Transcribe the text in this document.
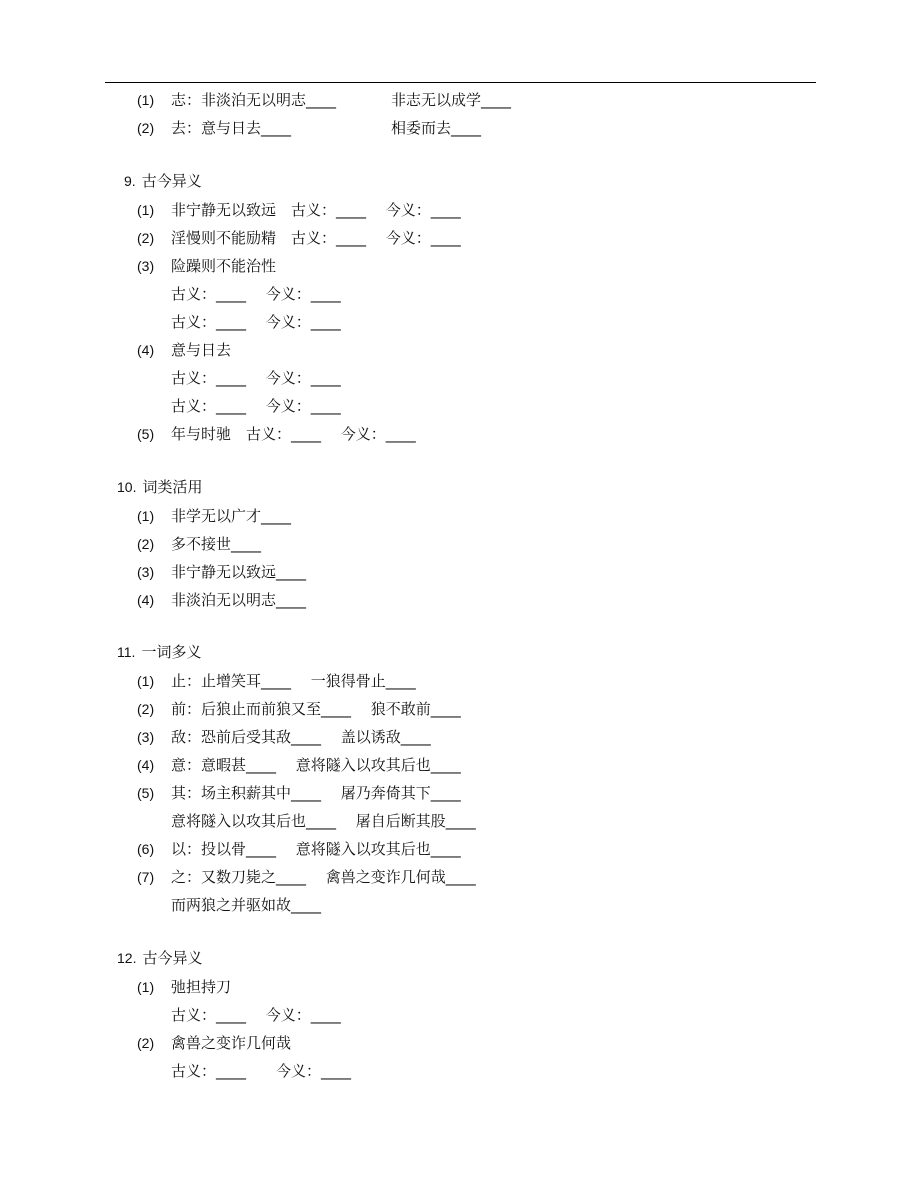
(1) 志：非淡泊无以明志____	非志无以成学____
(2) 去：意与日去____	相委而去____
9. 古今异义
(1) 非宁静无以致远　古义：____　 今义：____
(2) 淫慢则不能励精　古义：____　 今义：____
(3) 险躁则不能治性
古义：____　 今义：____
古义：____　 今义：____
(4) 意与日去
古义：____　 今义：____
古义：____　 今义：____
(5) 年与时驰　古义：____　 今义：____
10. 词类活用
(1) 非学无以广才____
(2) 多不接世____
(3) 非宁静无以致远____
(4) 非淡泊无以明志____
11. 一词多义
(1) 止：止增笑耳____　 一狼得骨止____
(2) 前：后狼止而前狼又至____　 狼不敢前____
(3) 敌：恐前后受其敌____　 盖以诱敌____
(4) 意：意暇甚____　 意将隧入以攻其后也____
(5) 其：场主积薪其中____　 屠乃奔倚其下____
意将隧入以攻其后也____　 屠自后断其股____
(6) 以：投以骨____　 意将隧入以攻其后也____
(7) 之：又数刀毙之____　 禽兽之变诈几何哉____
而两狼之并驱如故____
12. 古今异义
(1) 弛担持刀
古义：____　 今义：____
(2) 禽兽之变诈几何哉
古义：____　　今义：____
